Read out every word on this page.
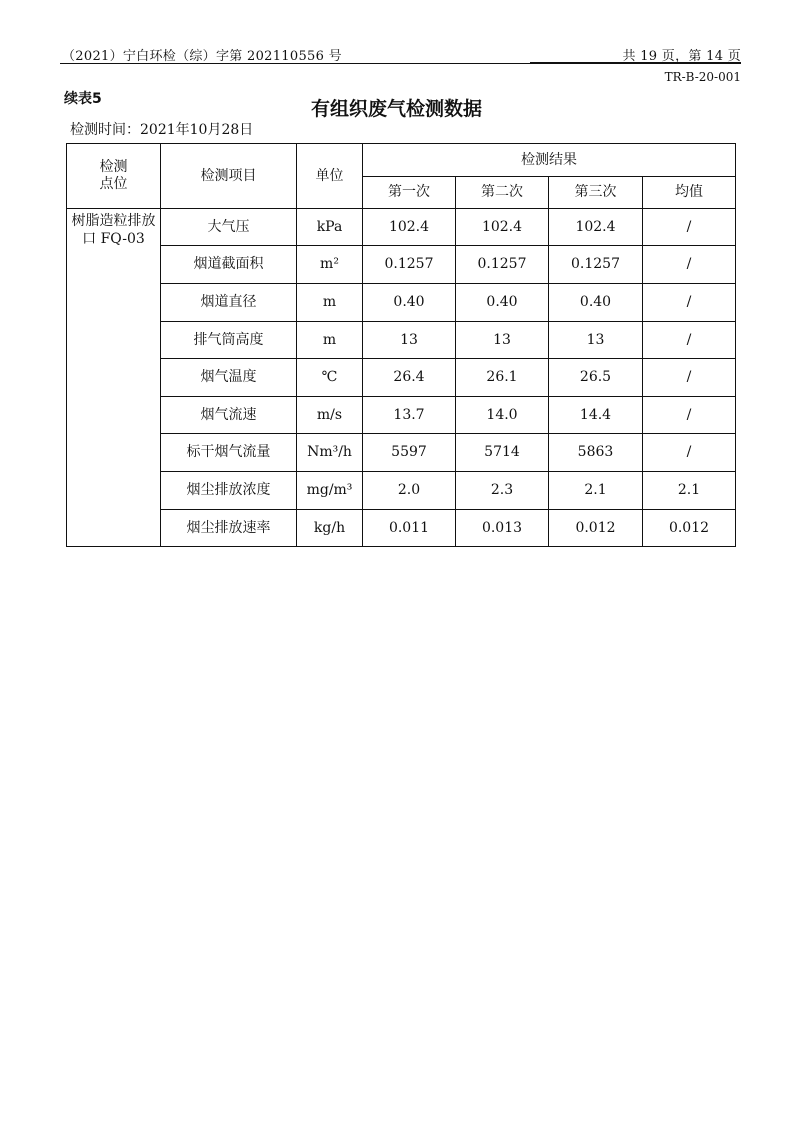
（2021）宁白环检（综）字第 202110556 号	共 19 页，第 14 页
TR-B-20-001
续表5	有组织废气检测数据
检测时间：2021年10月28日
检测点位	检测项目	单位	检测结果			
			第一次	第二次	第三次	均值
树脂造粒排放口 FQ-03	大气压	kPa	102.4	102.4	102.4	/
	烟道截面积	m²	0.1257	0.1257	0.1257	/
	烟道直径	m	0.40	0.40	0.40	/
	排气筒高度	m	13	13	13	/
	烟气温度	℃	26.4	26.1	26.5	/
	烟气流速	m/s	13.7	14.0	14.4	/
	标干烟气流量	Nm³/h	5597	5714	5863	/
	烟尘排放浓度	mg/m³	2.0	2.3	2.1	2.1
	烟尘排放速率	kg/h	0.011	0.013	0.012	0.012
